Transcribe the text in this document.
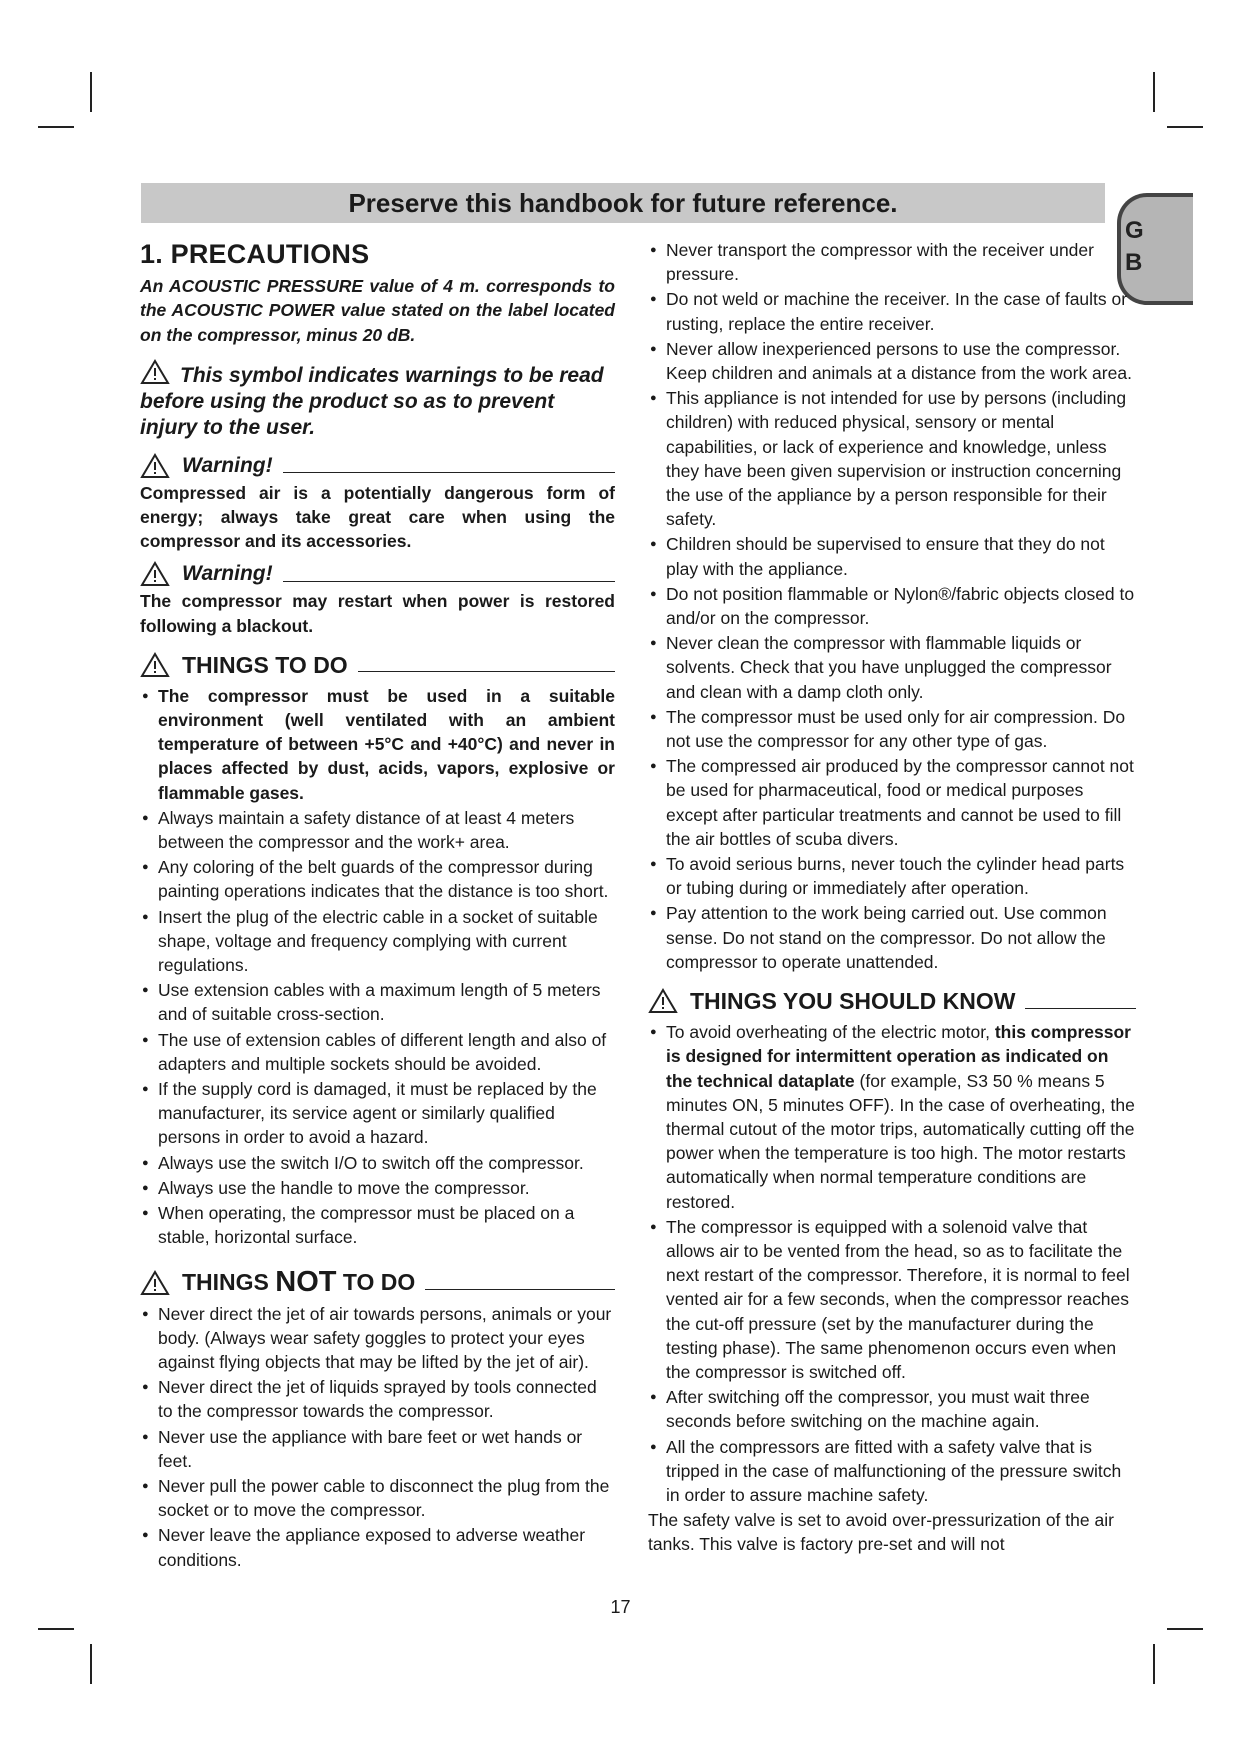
Preserve this handbook for future reference.
G
B
1. PRECAUTIONS

An ACOUSTIC PRESSURE value of 4 m. corresponds to the ACOUSTIC POWER value stated on the label located on the compressor, minus 20 dB.

This symbol indicates warnings to be read before using the product so as to prevent injury to the user.

Warning!

Compressed air is a potentially dangerous form of energy; always take great care when using the compressor and its accessories.

Warning!

The compressor may restart when power is restored following a blackout.

THINGS TO DO
● The compressor must be used in a suitable environment (well ventilated with an ambient temperature of between +5°C and +40°C) and never in places affected by dust, acids, vapors, explosive or flammable gases.
● Always maintain a safety distance of at least 4 meters between the compressor and the work+ area.
● Any coloring of the belt guards of the compressor during painting operations indicates that the distance is too short.
● Insert the plug of the electric cable in a socket of suitable shape, voltage and frequency complying with current regulations.
● Use extension cables with a maximum length of 5 meters and of suitable cross-section.
● The use of extension cables of different length and also of adapters and multiple sockets should be avoided.
● If the supply cord is damaged, it must be replaced by the manufacturer, its service agent or similarly qualified persons in order to avoid a hazard.
● Always use the switch I/O to switch off the compressor.
● Always use the handle to move the compressor.
● When operating, the compressor must be placed on a stable, horizontal surface.
THINGS
NOT
TO DO
● Never direct the jet of air towards persons, animals or your body. (Always wear safety goggles to protect your eyes against flying objects that may be lifted by the jet of air).
● Never direct the jet of liquids sprayed by tools connected to the compressor towards the compressor.
● Never use the appliance with bare feet or wet hands or feet.
● Never pull the power cable to disconnect the plug from the socket or to move the compressor.
● Never leave the appliance exposed to adverse weather conditions.
● Never transport the compressor with the receiver under pressure.
● Do not weld or machine the receiver. In the case of faults or rusting, replace the entire receiver.
● Never allow inexperienced persons to use the compressor. Keep children and animals at a distance from the work area.
● This appliance is not intended for use by persons (including children) with reduced physical, sensory or mental capabilities, or lack of experience and knowledge, unless they have been given supervision or instruction concerning the use of the appliance by a person responsible for their safety.
● Children should be supervised to ensure that they do not play with the appliance.
● Do not position flammable or Nylon®/fabric objects closed to and/or on the compressor.
● Never clean the compressor with flammable liquids or solvents. Check that you have unplugged the compressor and clean with a damp cloth only.
● The compressor must be used only for air compression. Do not use the compressor for any other type of gas.
● The compressed air produced by the compressor cannot not be used for pharmaceutical, food or medical purposes except after particular treatments and cannot be used to fill the air bottles of scuba divers.
● To avoid serious burns, never touch the cylinder head parts or tubing during or immediately after operation.
● Pay attention to the work being carried out. Use common sense. Do not stand on the compressor. Do not allow the compressor to operate unattended.
THINGS YOU SHOULD KNOW
● To avoid overheating of the electric motor, this compressor is designed for intermittent operation as indicated on the technical dataplate (for example, S3 50 % means 5 minutes ON, 5 minutes OFF). In the case of overheating, the thermal cutout of the motor trips, automatically cutting off the power when the temperature is too high. The motor restarts automatically when normal temperature conditions are restored.
● The compressor is equipped with a solenoid valve that allows air to be vented from the head, so as to facilitate the next restart of the compressor. Therefore, it is normal to feel vented air for a few seconds, when the compressor reaches the cut-off pressure (set by the manufacturer during the testing phase). The same phenomenon occurs even when the compressor is switched off.
● After switching off the compressor, you must wait three seconds before switching on the machine again.
● All the compressors are fitted with a safety valve that is tripped in the case of malfunctioning of the pressure switch in order to assure machine safety.

The safety valve is set to avoid over-pressurization of the air tanks. This valve is factory pre-set and will not

17
